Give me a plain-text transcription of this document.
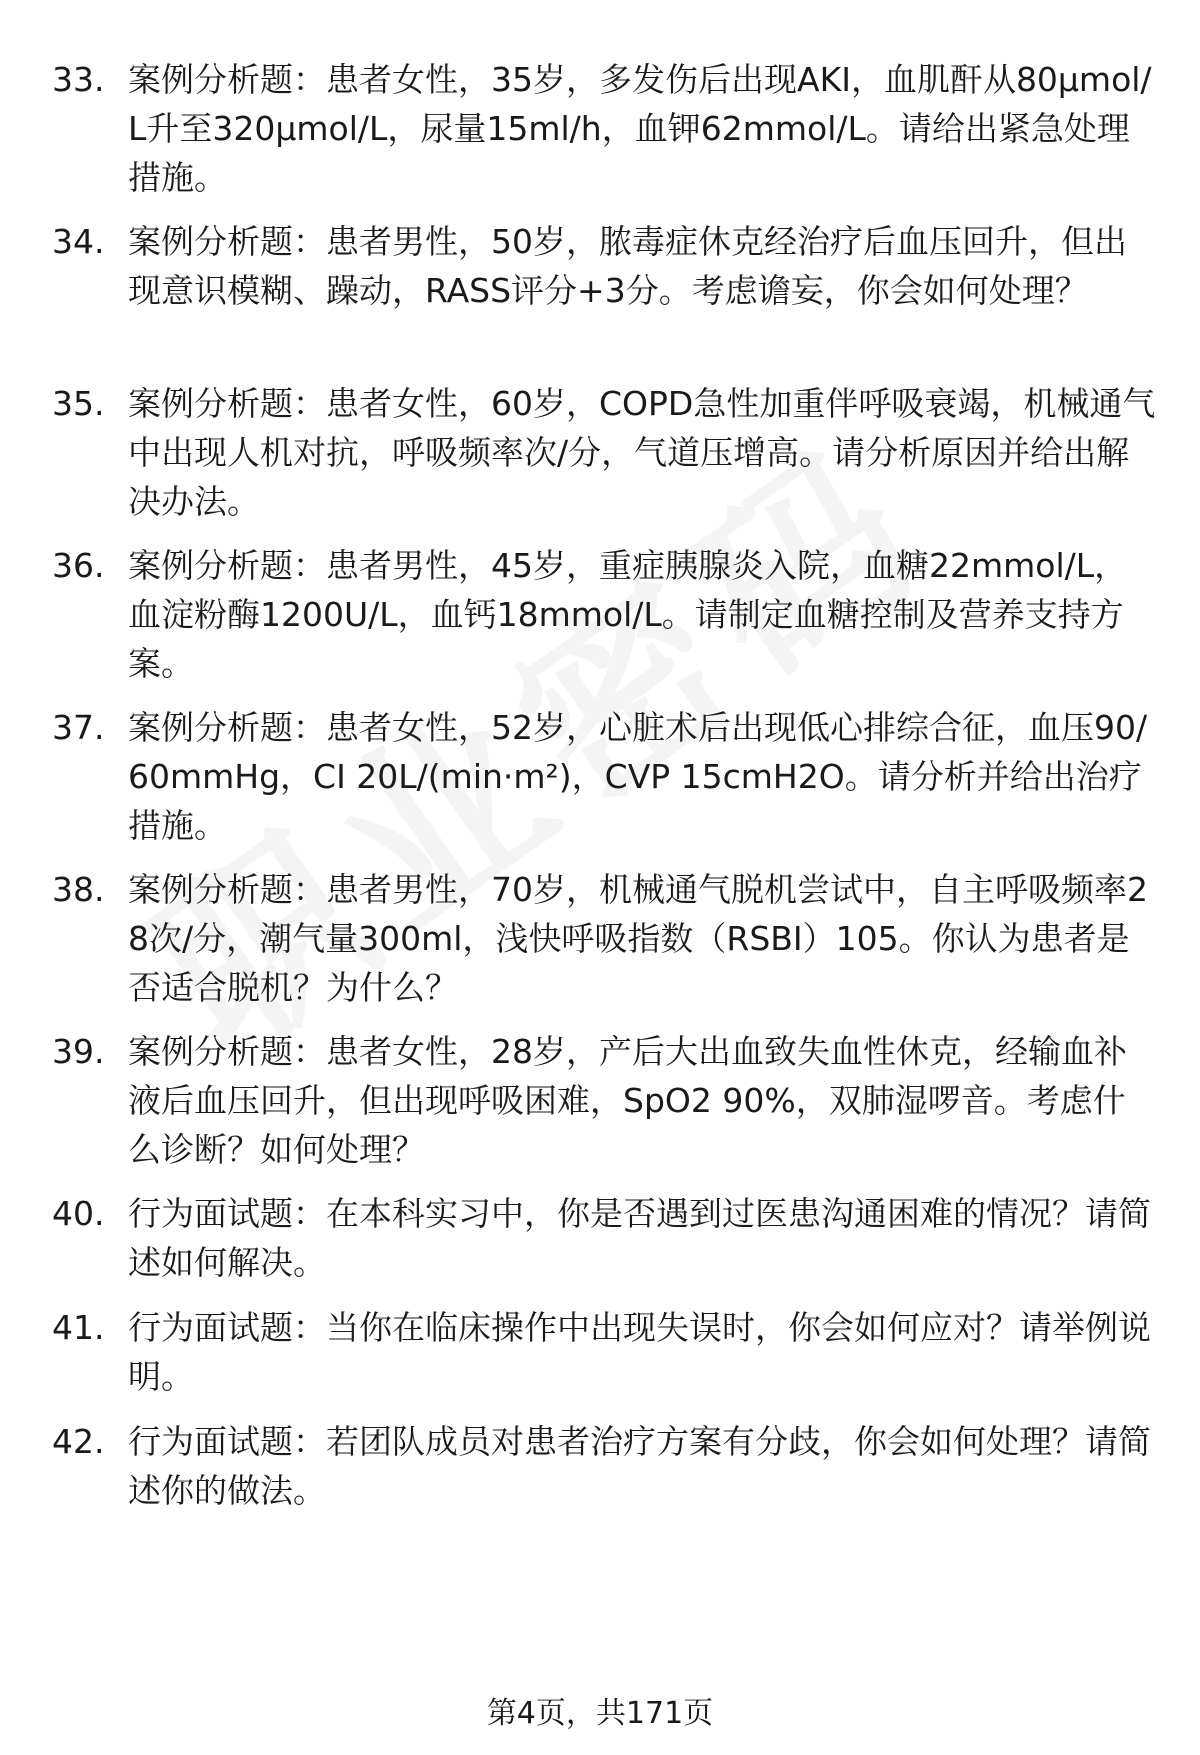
33. 案例分析题：患者女性，35岁，多发伤后出现AKI，血肌酐从80μmol/L升至320μmol/L，尿量15ml/h，血钾62mmol/L。请给出紧急处理措施。
34. 案例分析题：患者男性，50岁，脓毒症休克经治疗后血压回升，但出现意识模糊、躁动，RASS评分+3分。考虑谵妄，你会如何处理？
35. 案例分析题：患者女性，60岁，COPD急性加重伴呼吸衰竭，机械通气中出现人机对抗，呼吸频率次/分，气道压增高。请分析原因并给出解决办法。
36. 案例分析题：患者男性，45岁，重症胰腺炎入院，血糖22mmol/L，血淀粉酶1200U/L，血钙18mmol/L。请制定血糖控制及营养支持方案。
37. 案例分析题：患者女性，52岁，心脏术后出现低心排综合征，血压90/60mmHg，CI 20L/(min·m²)，CVP 15cmH2O。请分析并给出治疗措施。
38. 案例分析题：患者男性，70岁，机械通气脱机尝试中，自主呼吸频率28次/分，潮气量300ml，浅快呼吸指数（RSBI）105。你认为患者是否适合脱机？为什么？
39. 案例分析题：患者女性，28岁，产后大出血致失血性休克，经输血补液后血压回升，但出现呼吸困难，SpO2 90%，双肺湿啰音。考虑什么诊断？如何处理？
40. 行为面试题：在本科实习中，你是否遇到过医患沟通困难的情况？请简述如何解决。
41. 行为面试题：当你在临床操作中出现失误时，你会如何应对？请举例说明。
42. 行为面试题：若团队成员对患者治疗方案有分歧，你会如何处理？请简述你的做法。
第4页，共171页
